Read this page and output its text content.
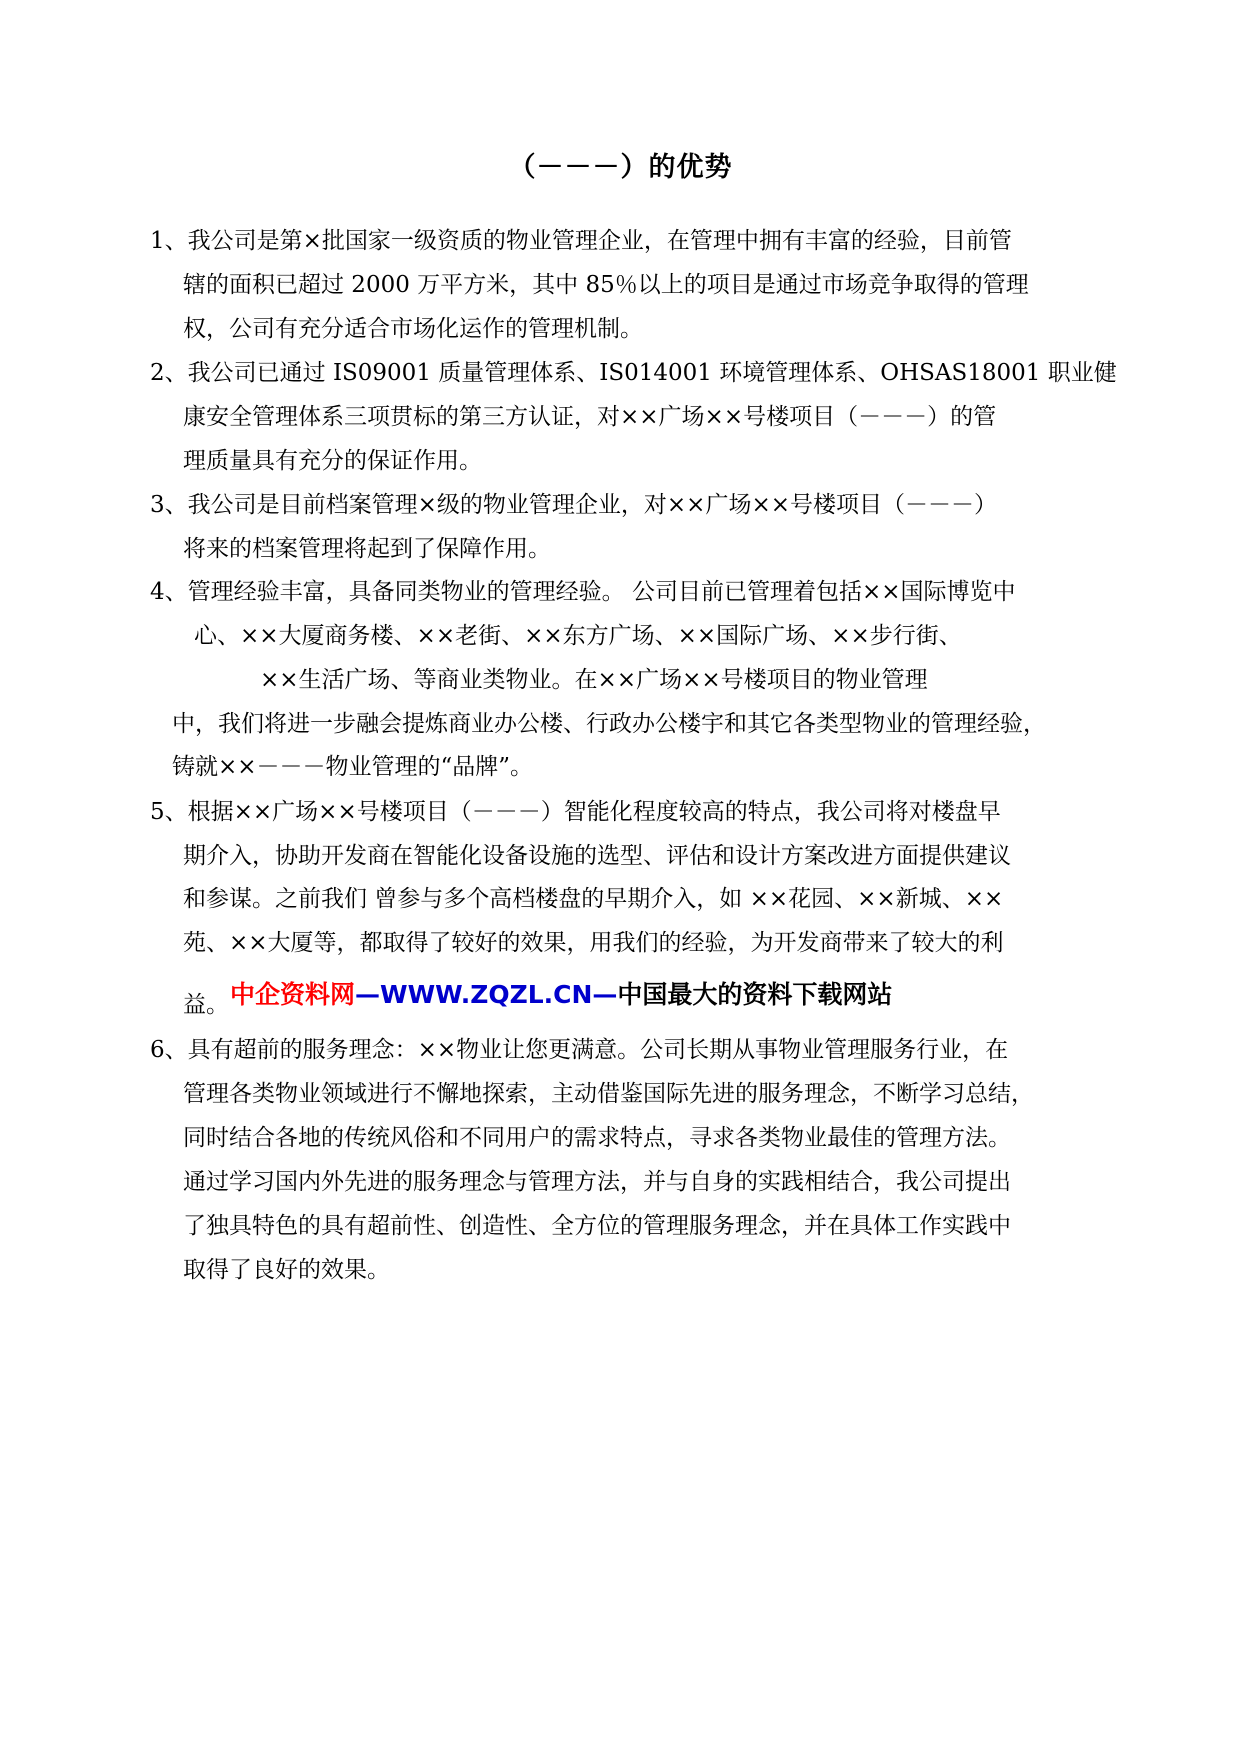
（－－－）的优势
1、我公司是第×批国家一级资质的物业管理企业，在管理中拥有丰富的经验，目前管
辖的面积已超过 2000 万平方米，其中 85％以上的项目是通过市场竞争取得的管理
权，公司有充分适合市场化运作的管理机制。
2、我公司已通过 IS09001 质量管理体系、IS014001 环境管理体系、OHSAS18001 职业健
康安全管理体系三项贯标的第三方认证，对××广场××号楼项目（－－－）的管
理质量具有充分的保证作用。
3、我公司是目前档案管理×级的物业管理企业，对××广场××号楼项目（－－－）
将来的档案管理将起到了保障作用。
4、管理经验丰富，具备同类物业的管理经验。 公司目前已管理着包括××国际博览中
心、××大厦商务楼、××老街、××东方广场、××国际广场、××步行街、
××生活广场、等商业类物业。在××广场××号楼项目的物业管理
中，我们将进一步融会提炼商业办公楼、行政办公楼宇和其它各类型物业的管理经验，
铸就××－－－物业管理的“品牌”。
5、根据××广场××号楼项目（－－－）智能化程度较高的特点，我公司将对楼盘早
期介入，协助开发商在智能化设备设施的选型、评估和设计方案改进方面提供建议
和参谋。之前我们 曾参与多个高档楼盘的早期介入，如 ××花园、××新城、××
苑、××大厦等，都取得了较好的效果，用我们的经验，为开发商带来了较大的利
益。 中企资料网—WWW.ZQZL.CN—中国最大的资料下载网站
6、具有超前的服务理念：××物业让您更满意。公司长期从事物业管理服务行业，在
管理各类物业领域进行不懈地探索，主动借鉴国际先进的服务理念，不断学习总结，
同时结合各地的传统风俗和不同用户的需求特点，寻求各类物业最佳的管理方法。
通过学习国内外先进的服务理念与管理方法，并与自身的实践相结合，我公司提出
了独具特色的具有超前性、创造性、全方位的管理服务理念，并在具体工作实践中
取得了良好的效果。
